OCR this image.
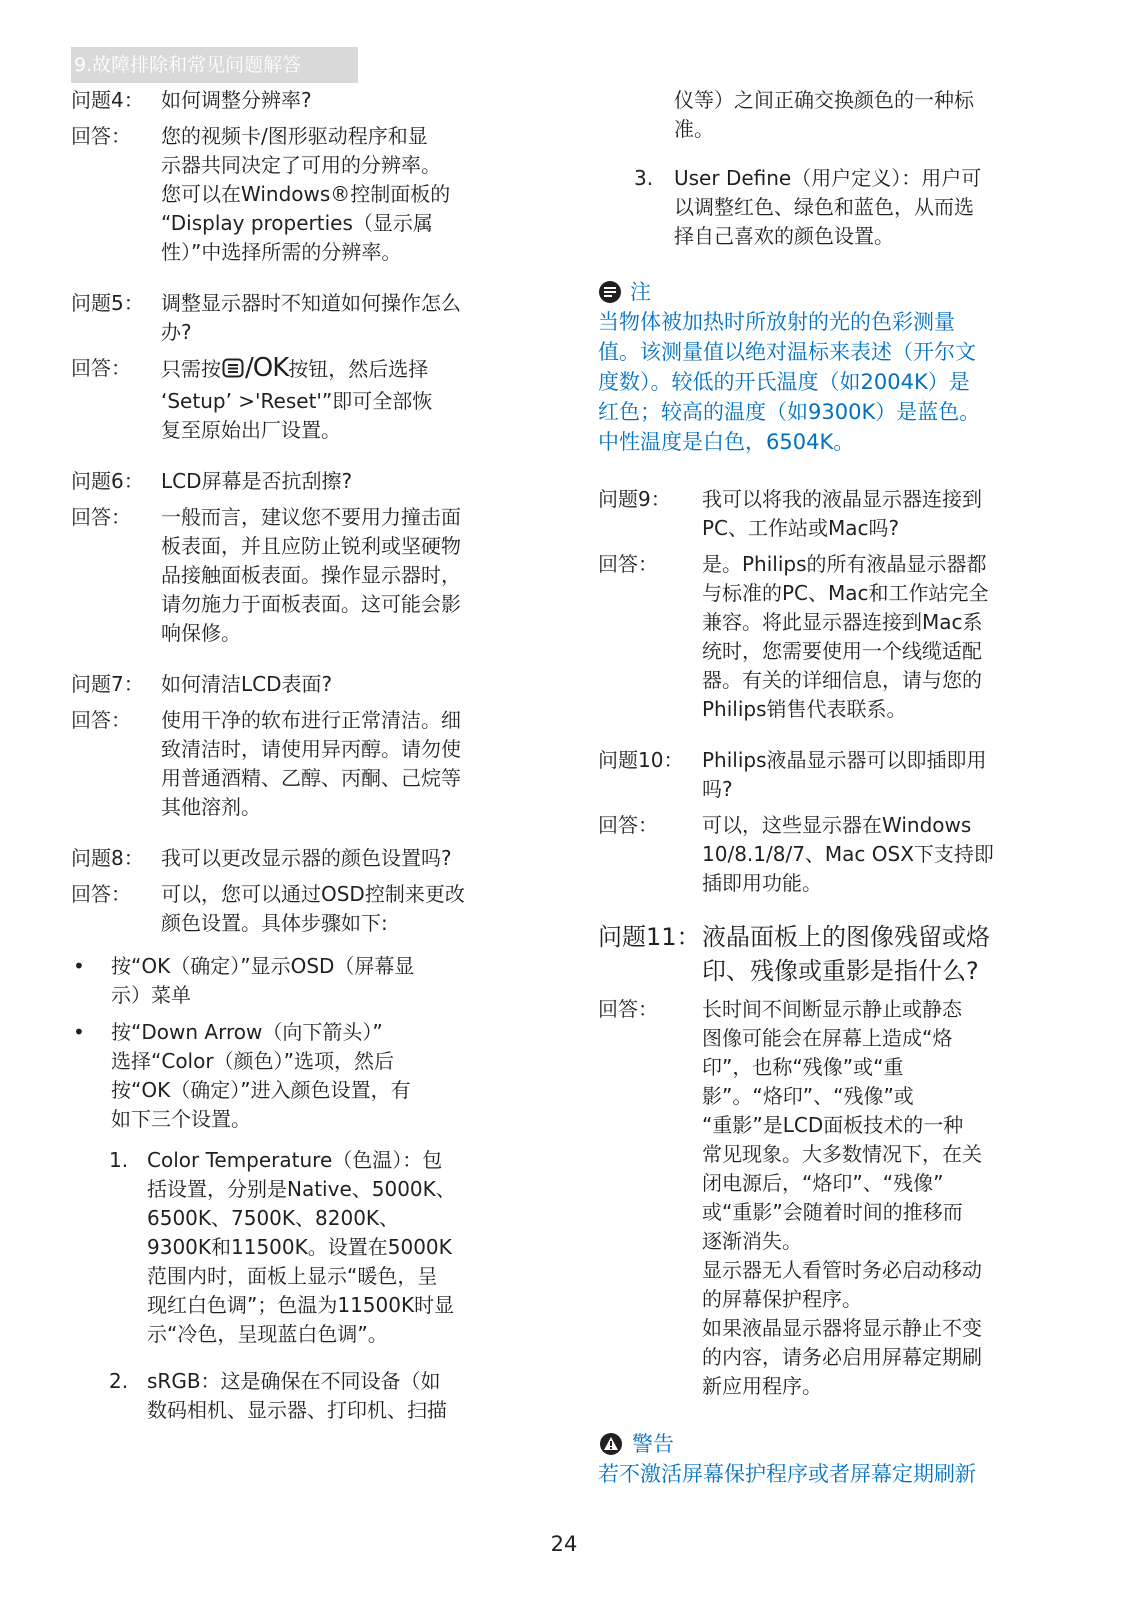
9.故障排除和常见问题解答
问题4： 如何调整分辨率?
回答：	您的视频卡/图形驱动程序和显
示器共同决定了可用的分辨率。
您可以在Windows®控制面板的
“Display properties（显示属
性）”中选择所需的分辨率。
问题5： 调整显示器时不知道如何操作怎么
办?
回答：	只需按 /OK按钮，然后选择
‘Setup’ >'Reset'”即可全部恢
复至原始出厂设置。
问题6： LCD屏幕是否抗刮擦?
回答：	一般而言，建议您不要用力撞击面
板表面，并且应防止锐利或坚硬物
品接触面板表面。操作显示器时，
请勿施力于面板表面。这可能会影
响保修。
问题7： 如何清洁LCD表面?
回答：	使用干净的软布进行正常清洁。细
致清洁时，请使用异丙醇。请勿使
用普通酒精、乙醇、丙酮、己烷等
其他溶剂。
问题8： 我可以更改显示器的颜色设置吗?
回答：	可以，您可以通过OSD控制来更改
颜色设置。具体步骤如下:
•	按“OK（确定）”显示OSD（屏幕显
示）菜单
•	按“Down Arrow（向下箭头）”
选择“Color（颜色）”选项，然后
按“OK（确定）”进入颜色设置，有
如下三个设置。
1. Color Temperature（色温）：包
括设置，分别是Native、5000K、
6500K、7500K、8200K、
9300K和11500K。设置在5000K
范围内时，面板上显示“暖色，呈
现红白色调”；色温为11500K时显
示“冷色，呈现蓝白色调”。
2. sRGB：这是确保在不同设备（如
数码相机、显示器、打印机、扫描
仪等）之间正确交换颜色的一种标
准。
3.	User Define（用户定义）：用户可
以调整红色、绿色和蓝色，从而选
择自己喜欢的颜色设置。
注
当物体被加热时所放射的光的色彩测量
值。该测量值以绝对温标来表述（开尔文
度数）。较低的开氏温度（如2004K）是
红色；较高的温度（如9300K）是蓝色。
中性温度是白色，6504K。
问题9：	我可以将我的液晶显示器连接到
PC、工作站或Mac吗?
回答：	是。Philips的所有液晶显示器都
与标准的PC、Mac和工作站完全
兼容。将此显示器连接到Mac系
统时，您需要使用一个线缆适配
器。有关的详细信息，请与您的
Philips销售代表联系。
问题10： Philips液晶显示器可以即插即用
吗?
回答：	可以，这些显示器在Windows
10/8.1/8/7、Mac OSX下支持即
插即用功能。
问题11： 液晶面板上的图像残留或烙
印、残像或重影是指什么?
回答：	长时间不间断显示静止或静态
图像可能会在屏幕上造成“烙
印”，也称“残像”或“重
影”。“烙印”、“残像”或
“重影”是LCD面板技术的一种
常见现象。大多数情况下，在关
闭电源后，“烙印”、“残像”
或“重影”会随着时间的推移而
逐渐消失。
显示器无人看管时务必启动移动
的屏幕保护程序。
如果液晶显示器将显示静止不变
的内容，请务必启用屏幕定期刷
新应用程序。
警告
若不激活屏幕保护程序或者屏幕定期刷新
24
